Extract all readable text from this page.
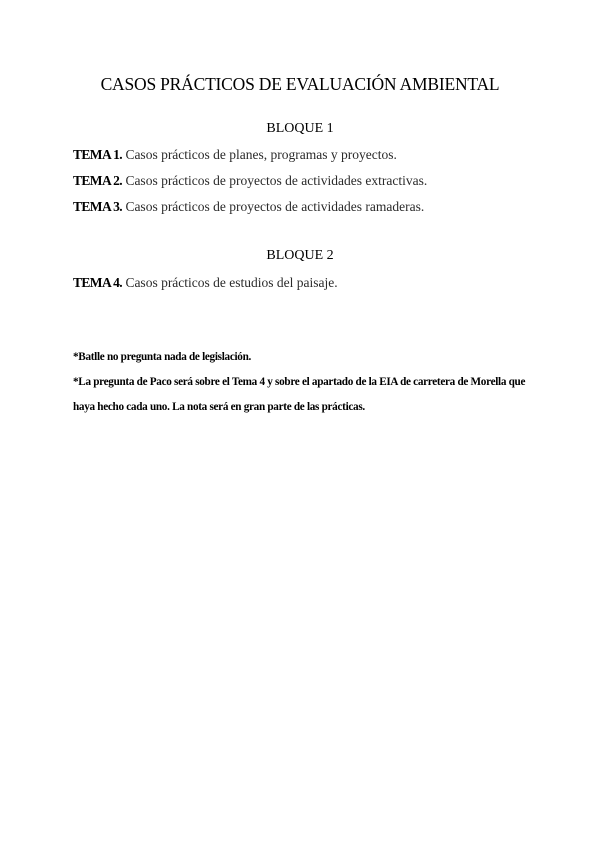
CASOS PRÁCTICOS DE EVALUACIÓN AMBIENTAL
BLOQUE 1

TEMA 1. Casos prácticos de planes, programas y proyectos.

TEMA 2. Casos prácticos de proyectos de actividades extractivas.

TEMA 3. Casos prácticos de proyectos de actividades ramaderas.

BLOQUE 2

TEMA 4. Casos prácticos de estudios del paisaje.

*Batlle no pregunta nada de legislación.

*La pregunta de Paco será sobre el Tema 4 y sobre el apartado de la EIA de carretera de Morella que haya hecho cada uno. La nota será en gran parte de las prácticas.
